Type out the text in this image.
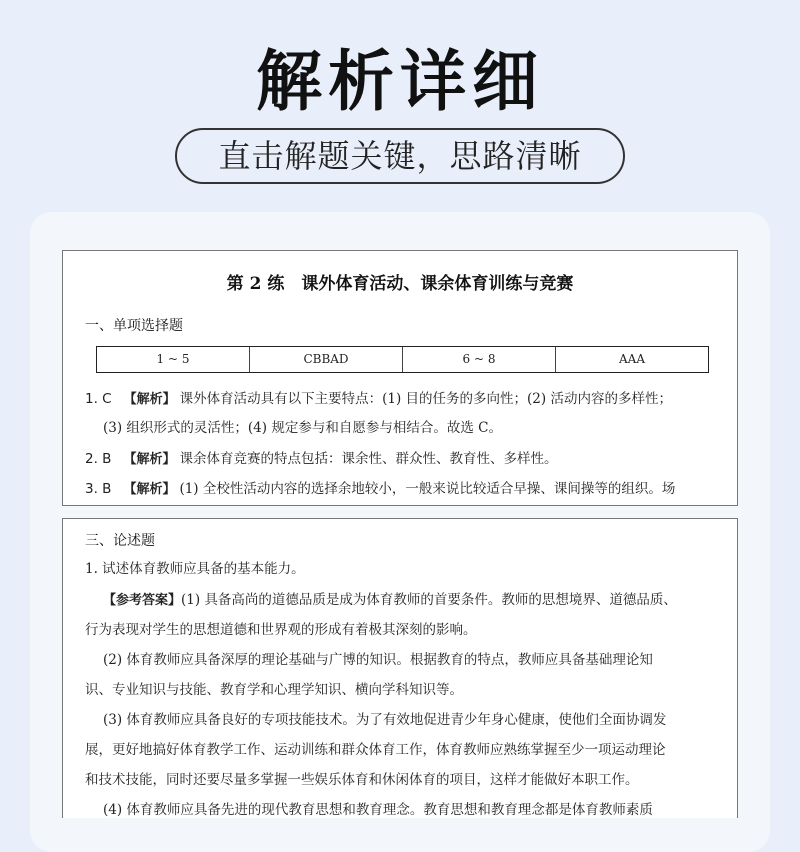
解析详细
直击解题关键，思路清晰
第 2 练　课外体育活动、课余体育训练与竞赛
一、单项选择题
1 ~ 5	CBBAD	6 ~ 8	AAA
1. C 【解析】 课外体育活动具有以下主要特点：(1) 目的任务的多向性；(2) 活动内容的多样性；
(3) 组织形式的灵活性；(4) 规定参与和自愿参与相结合。故选 C。
2. B 【解析】 课余体育竞赛的特点包括：课余性、群众性、教育性、多样性。
3. B 【解析】 (1) 全校性活动内容的选择余地较小，一般来说比较适合早操、课间操等的组织。场
三、论述题
1. 试述体育教师应具备的基本能力。
【参考答案】(1) 具备高尚的道德品质是成为体育教师的首要条件。教师的思想境界、道德品质、
行为表现对学生的思想道德和世界观的形成有着极其深刻的影响。
(2) 体育教师应具备深厚的理论基础与广博的知识。根据教育的特点，教师应具备基础理论知
识、专业知识与技能、教育学和心理学知识、横向学科知识等。
(3) 体育教师应具备良好的专项技能技术。为了有效地促进青少年身心健康，使他们全面协调发
展，更好地搞好体育教学工作、运动训练和群众体育工作，体育教师应熟练掌握至少一项运动理论
和技术技能，同时还要尽量多掌握一些娱乐体育和休闲体育的项目，这样才能做好本职工作。
(4) 体育教师应具备先进的现代教育思想和教育理念。教育思想和教育理念都是体育教师素质
